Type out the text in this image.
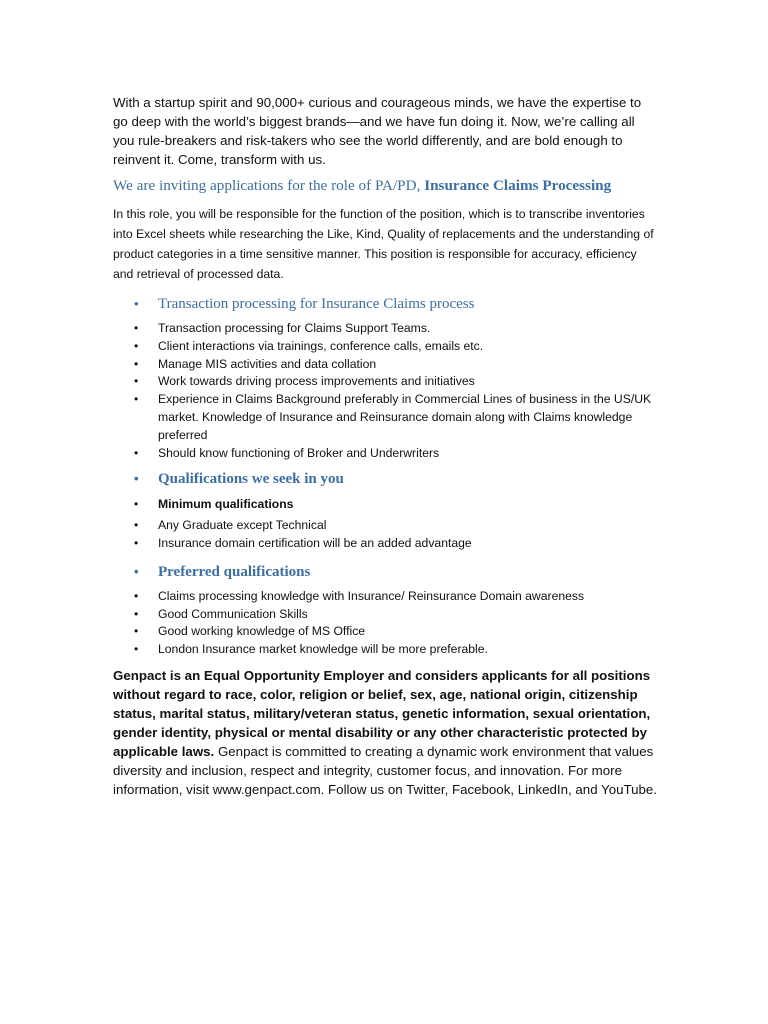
With a startup spirit and 90,000+ curious and courageous minds, we have the expertise to go deep with the world’s biggest brands—and we have fun doing it. Now, we’re calling all you rule-breakers and risk-takers who see the world differently, and are bold enough to reinvent it. Come, transform with us.

We are inviting applications for the role of PA/PD, Insurance Claims Processing

In this role, you will be responsible for the function of the position, which is to transcribe inventories into Excel sheets while researching the Like, Kind, Quality of replacements and the understanding of product categories in a time sensitive manner. This position is responsible for accuracy, efficiency and retrieval of processed data.

•	Transaction processing for Insurance Claims process
•	Transaction processing for Claims Support Teams.
•	Client interactions via trainings, conference calls, emails etc.
•	Manage MIS activities and data collation
•	Work towards driving process improvements and initiatives
•	Experience in Claims Background preferably in Commercial Lines of business in the US/UK market. Knowledge of Insurance and Reinsurance domain along with Claims knowledge preferred
•	Should know functioning of Broker and Underwriters
•	Qualifications we seek in you
•	Minimum qualifications
•	Any Graduate except Technical
•	Insurance domain certification will be an added advantage
•	Preferred qualifications
•	Claims processing knowledge with Insurance/ Reinsurance Domain awareness
•	Good Communication Skills
•	Good working knowledge of MS Office
•	London Insurance market knowledge will be more preferable.

Genpact is an Equal Opportunity Employer and considers applicants for all positions without regard to race, color, religion or belief, sex, age, national origin, citizenship status, marital status, military/veteran status, genetic information, sexual orientation, gender identity, physical or mental disability or any other characteristic protected by applicable laws. Genpact is committed to creating a dynamic work environment that values diversity and inclusion, respect and integrity, customer focus, and innovation. For more information, visit www.genpact.com. Follow us on Twitter, Facebook, LinkedIn, and YouTube.
